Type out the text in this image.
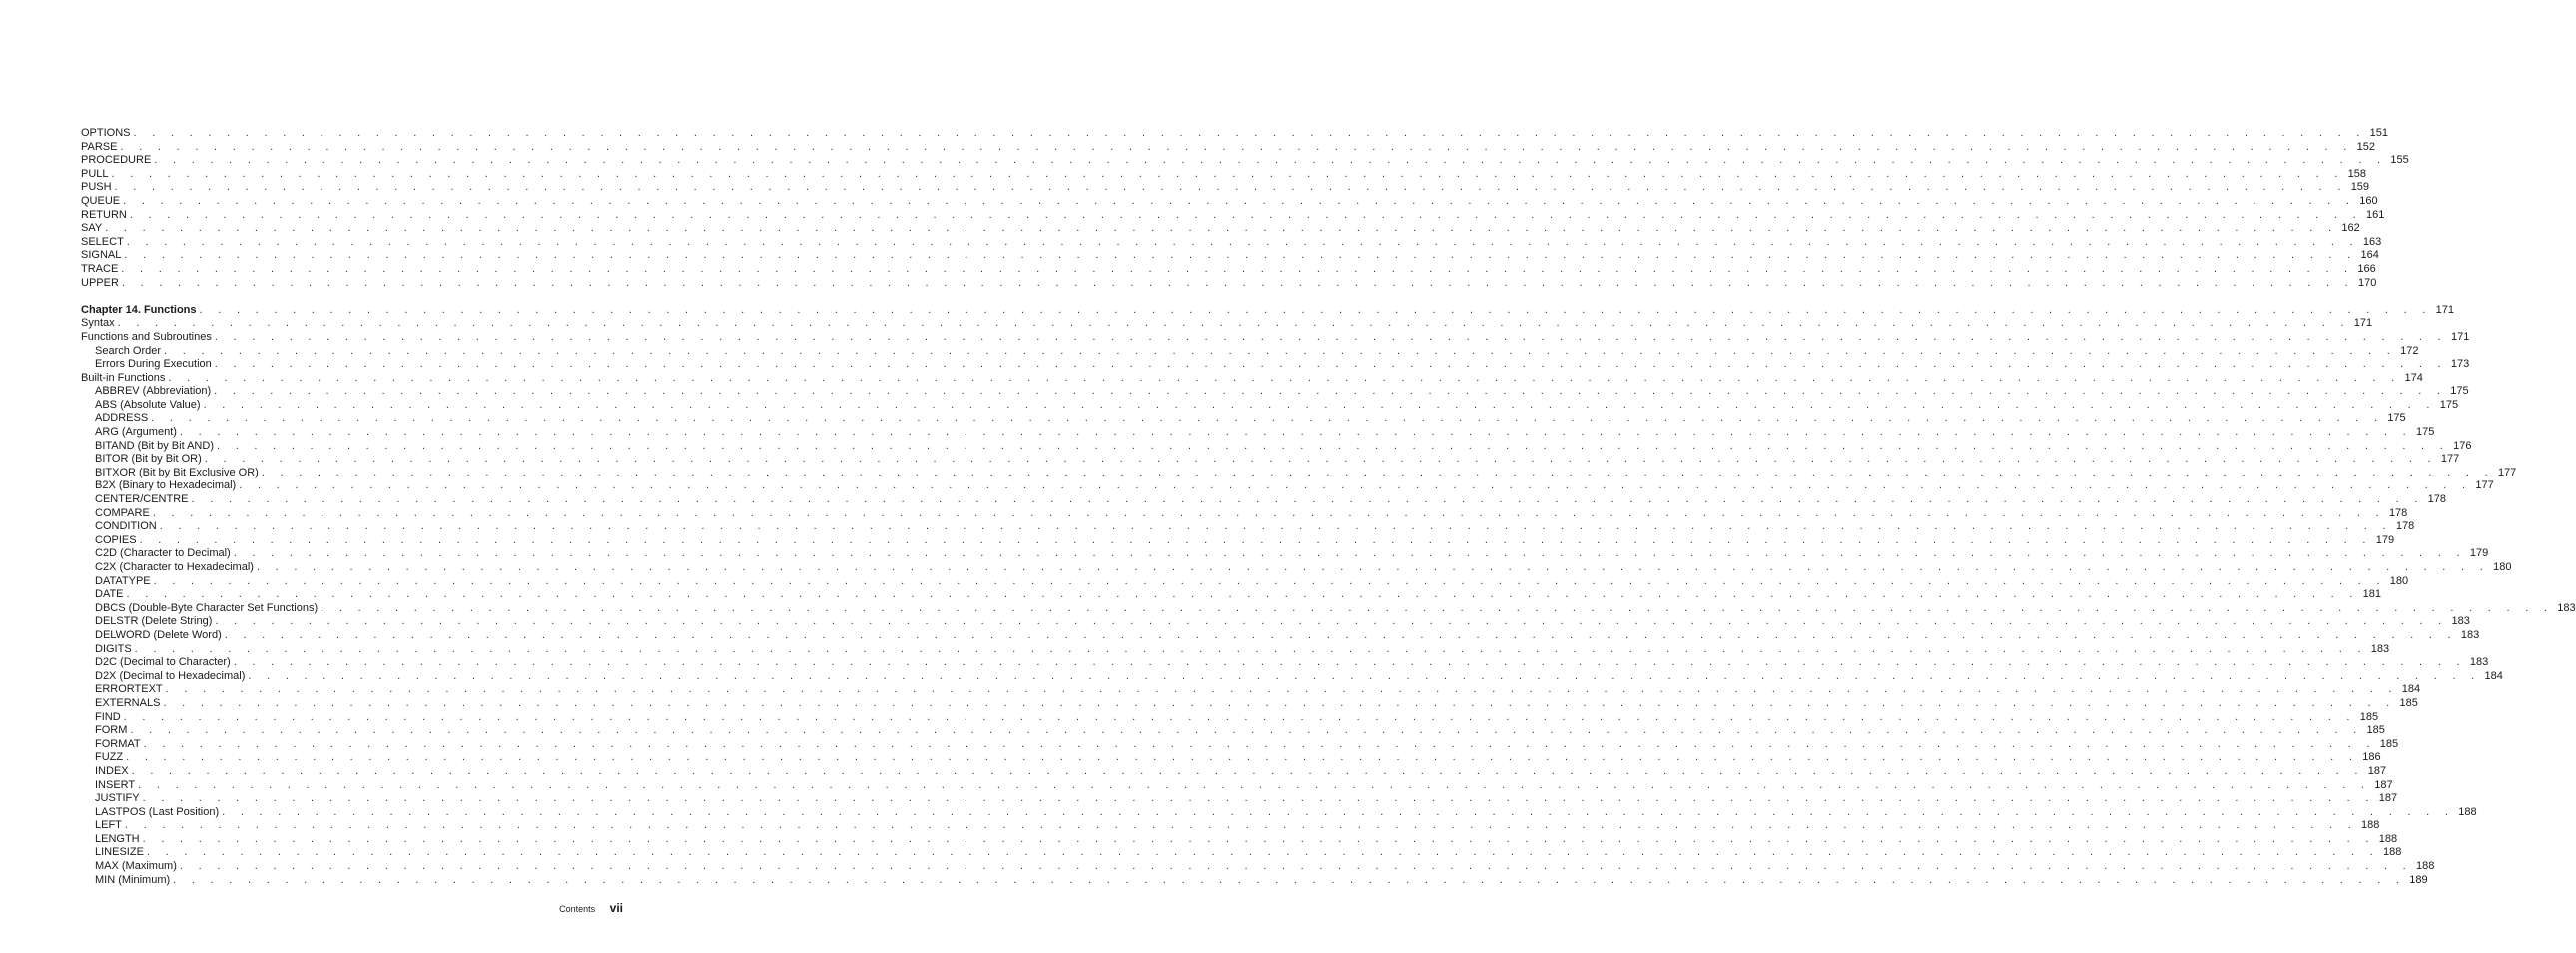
OPTIONS . . . . . . . . . . . . . . . . . . . . . . . . . . . . . . . . . . . . . . . . . . . . . . . . . . . . . . . . . . . . . . . . . . . . . . . . . . . . . . . . . . . . . . . . . . . . . . . . . . . . . . . . . . . . . . . . . . . . . . . . 151
PARSE . . . . . . . . . . . . . . . . . . . . . . . . . . . . . . . . . . . . . . . . . . . . . . . . . . . . . . . . . . . . . . . . . . . . . . . . . . . . . . . . . . . . . . . . . . . . . . . . . . . . . . . . . . . . . . . . . . . . . . . . 152
PROCEDURE . . . . . . . . . . . . . . . . . . . . . . . . . . . . . . . . . . . . . . . . . . . . . . . . . . . . . . . . . . . . . . . . . . . . . . . . . . . . . . . . . . . . . . . . . . . . . . . . . . . . . . . . . . . . . . . . . . . . . . . . 155
PULL . . . . . . . . . . . . . . . . . . . . . . . . . . . . . . . . . . . . . . . . . . . . . . . . . . . . . . . . . . . . . . . . . . . . . . . . . . . . . . . . . . . . . . . . . . . . . . . . . . . . . . . . . . . . . . . . . . . . . . . . 158
PUSH . . . . . . . . . . . . . . . . . . . . . . . . . . . . . . . . . . . . . . . . . . . . . . . . . . . . . . . . . . . . . . . . . . . . . . . . . . . . . . . . . . . . . . . . . . . . . . . . . . . . . . . . . . . . . . . . . . . . . . . . 159
QUEUE . . . . . . . . . . . . . . . . . . . . . . . . . . . . . . . . . . . . . . . . . . . . . . . . . . . . . . . . . . . . . . . . . . . . . . . . . . . . . . . . . . . . . . . . . . . . . . . . . . . . . . . . . . . . . . . . . . . . . . . . 160
RETURN . . . . . . . . . . . . . . . . . . . . . . . . . . . . . . . . . . . . . . . . . . . . . . . . . . . . . . . . . . . . . . . . . . . . . . . . . . . . . . . . . . . . . . . . . . . . . . . . . . . . . . . . . . . . . . . . . . . . . . . . 161
SAY . . . . . . . . . . . . . . . . . . . . . . . . . . . . . . . . . . . . . . . . . . . . . . . . . . . . . . . . . . . . . . . . . . . . . . . . . . . . . . . . . . . . . . . . . . . . . . . . . . . . . . . . . . . . . . . . . . . . . . . . 162
SELECT . . . . . . . . . . . . . . . . . . . . . . . . . . . . . . . . . . . . . . . . . . . . . . . . . . . . . . . . . . . . . . . . . . . . . . . . . . . . . . . . . . . . . . . . . . . . . . . . . . . . . . . . . . . . . . . . . . . . . . . . 163
SIGNAL . . . . . . . . . . . . . . . . . . . . . . . . . . . . . . . . . . . . . . . . . . . . . . . . . . . . . . . . . . . . . . . . . . . . . . . . . . . . . . . . . . . . . . . . . . . . . . . . . . . . . . . . . . . . . . . . . . . . . . . . 164
TRACE . . . . . . . . . . . . . . . . . . . . . . . . . . . . . . . . . . . . . . . . . . . . . . . . . . . . . . . . . . . . . . . . . . . . . . . . . . . . . . . . . . . . . . . . . . . . . . . . . . . . . . . . . . . . . . . . . . . . . . . . 166
UPPER . . . . . . . . . . . . . . . . . . . . . . . . . . . . . . . . . . . . . . . . . . . . . . . . . . . . . . . . . . . . . . . . . . . . . . . . . . . . . . . . . . . . . . . . . . . . . . . . . . . . . . . . . . . . . . . . . . . . . . . . 170
Chapter 14. Functions . . . . . . . . . . . . . . . . . . . . . . . . . . . . . . . . . . . . . . . . . . . . . . . . . . . . . . . . . . . . . . . . . . . . . . . . . . . . . . . . . . . . . . . . . . . . . . . . . . . . . . . . . . . . . . . . . . . . . . . . 171
Syntax . . . . . . . . . . . . . . . . . . . . . . . . . . . . . . . . . . . . . . . . . . . . . . . . . . . . . . . . . . . . . . . . . . . . . . . . . . . . . . . . . . . . . . . . . . . . . . . . . . . . . . . . . . . . . . . . . . . . . . . . 171
Functions and Subroutines . . . . . . . . . . . . . . . . . . . . . . . . . . . . . . . . . . . . . . . . . . . . . . . . . . . . . . . . . . . . . . . . . . . . . . . . . . . . . . . . . . . . . . . . . . . . . . . . . . . . . . . . . . . . . . . . . . . . . . . . 171
Search Order . . . . . . . . . . . . . . . . . . . . . . . . . . . . . . . . . . . . . . . . . . . . . . . . . . . . . . . . . . . . . . . . . . . . . . . . . . . . . . . . . . . . . . . . . . . . . . . . . . . . . . . . . . . . . . . . . . . . . . . . 172
Errors During Execution . . . . . . . . . . . . . . . . . . . . . . . . . . . . . . . . . . . . . . . . . . . . . . . . . . . . . . . . . . . . . . . . . . . . . . . . . . . . . . . . . . . . . . . . . . . . . . . . . . . . . . . . . . . . . . . . . . . . . . . . 173
Built-in Functions . . . . . . . . . . . . . . . . . . . . . . . . . . . . . . . . . . . . . . . . . . . . . . . . . . . . . . . . . . . . . . . . . . . . . . . . . . . . . . . . . . . . . . . . . . . . . . . . . . . . . . . . . . . . . . . . . . . . . . . . 174
ABBREV (Abbreviation) . . . . . . . . . . . . . . . . . . . . . . . . . . . . . . . . . . . . . . . . . . . . . . . . . . . . . . . . . . . . . . . . . . . . . . . . . . . . . . . . . . . . . . . . . . . . . . . . . . . . . . . . . . . . . . . . . . . . . . . . 175
ABS (Absolute Value) . . . . . . . . . . . . . . . . . . . . . . . . . . . . . . . . . . . . . . . . . . . . . . . . . . . . . . . . . . . . . . . . . . . . . . . . . . . . . . . . . . . . . . . . . . . . . . . . . . . . . . . . . . . . . . . . . . . . . . . . 175
ADDRESS . . . . . . . . . . . . . . . . . . . . . . . . . . . . . . . . . . . . . . . . . . . . . . . . . . . . . . . . . . . . . . . . . . . . . . . . . . . . . . . . . . . . . . . . . . . . . . . . . . . . . . . . . . . . . . . . . . . . . . . . 175
ARG (Argument) . . . . . . . . . . . . . . . . . . . . . . . . . . . . . . . . . . . . . . . . . . . . . . . . . . . . . . . . . . . . . . . . . . . . . . . . . . . . . . . . . . . . . . . . . . . . . . . . . . . . . . . . . . . . . . . . . . . . . . . . 175
BITAND (Bit by Bit AND) . . . . . . . . . . . . . . . . . . . . . . . . . . . . . . . . . . . . . . . . . . . . . . . . . . . . . . . . . . . . . . . . . . . . . . . . . . . . . . . . . . . . . . . . . . . . . . . . . . . . . . . . . . . . . . . . . . . . . . . . 176
BITOR (Bit by Bit OR) . . . . . . . . . . . . . . . . . . . . . . . . . . . . . . . . . . . . . . . . . . . . . . . . . . . . . . . . . . . . . . . . . . . . . . . . . . . . . . . . . . . . . . . . . . . . . . . . . . . . . . . . . . . . . . . . . . . . . . . . 177
BITXOR (Bit by Bit Exclusive OR) . . . . . . . . . . . . . . . . . . . . . . . . . . . . . . . . . . . . . . . . . . . . . . . . . . . . . . . . . . . . . . . . . . . . . . . . . . . . . . . . . . . . . . . . . . . . . . . . . . . . . . . . . . . . . . . . . . . . . . . . 177
B2X (Binary to Hexadecimal) . . . . . . . . . . . . . . . . . . . . . . . . . . . . . . . . . . . . . . . . . . . . . . . . . . . . . . . . . . . . . . . . . . . . . . . . . . . . . . . . . . . . . . . . . . . . . . . . . . . . . . . . . . . . . . . . . . . . . . . . 177
CENTER/CENTRE . . . . . . . . . . . . . . . . . . . . . . . . . . . . . . . . . . . . . . . . . . . . . . . . . . . . . . . . . . . . . . . . . . . . . . . . . . . . . . . . . . . . . . . . . . . . . . . . . . . . . . . . . . . . . . . . . . . . . . . . 178
COMPARE . . . . . . . . . . . . . . . . . . . . . . . . . . . . . . . . . . . . . . . . . . . . . . . . . . . . . . . . . . . . . . . . . . . . . . . . . . . . . . . . . . . . . . . . . . . . . . . . . . . . . . . . . . . . . . . . . . . . . . . . 178
CONDITION . . . . . . . . . . . . . . . . . . . . . . . . . . . . . . . . . . . . . . . . . . . . . . . . . . . . . . . . . . . . . . . . . . . . . . . . . . . . . . . . . . . . . . . . . . . . . . . . . . . . . . . . . . . . . . . . . . . . . . . . 178
COPIES . . . . . . . . . . . . . . . . . . . . . . . . . . . . . . . . . . . . . . . . . . . . . . . . . . . . . . . . . . . . . . . . . . . . . . . . . . . . . . . . . . . . . . . . . . . . . . . . . . . . . . . . . . . . . . . . . . . . . . . . 179
C2D (Character to Decimal) . . . . . . . . . . . . . . . . . . . . . . . . . . . . . . . . . . . . . . . . . . . . . . . . . . . . . . . . . . . . . . . . . . . . . . . . . . . . . . . . . . . . . . . . . . . . . . . . . . . . . . . . . . . . . . . . . . . . . . . . 179
C2X (Character to Hexadecimal) . . . . . . . . . . . . . . . . . . . . . . . . . . . . . . . . . . . . . . . . . . . . . . . . . . . . . . . . . . . . . . . . . . . . . . . . . . . . . . . . . . . . . . . . . . . . . . . . . . . . . . . . . . . . . . . . . . . . . . . . 180
DATATYPE . . . . . . . . . . . . . . . . . . . . . . . . . . . . . . . . . . . . . . . . . . . . . . . . . . . . . . . . . . . . . . . . . . . . . . . . . . . . . . . . . . . . . . . . . . . . . . . . . . . . . . . . . . . . . . . . . . . . . . . . 180
DATE . . . . . . . . . . . . . . . . . . . . . . . . . . . . . . . . . . . . . . . . . . . . . . . . . . . . . . . . . . . . . . . . . . . . . . . . . . . . . . . . . . . . . . . . . . . . . . . . . . . . . . . . . . . . . . . . . . . . . . . . 181
DBCS (Double-Byte Character Set Functions) . . . . . . . . . . . . . . . . . . . . . . . . . . . . . . . . . . . . . . . . . . . . . . . . . . . . . . . . . . . . . . . . . . . . . . . . . . . . . . . . . . . . . . . . . . . . . . . . . . . . . . . . . . . . . . . . . . . . . . . . 183
DELSTR (Delete String) . . . . . . . . . . . . . . . . . . . . . . . . . . . . . . . . . . . . . . . . . . . . . . . . . . . . . . . . . . . . . . . . . . . . . . . . . . . . . . . . . . . . . . . . . . . . . . . . . . . . . . . . . . . . . . . . . . . . . . . . 183
DELWORD (Delete Word) . . . . . . . . . . . . . . . . . . . . . . . . . . . . . . . . . . . . . . . . . . . . . . . . . . . . . . . . . . . . . . . . . . . . . . . . . . . . . . . . . . . . . . . . . . . . . . . . . . . . . . . . . . . . . . . . . . . . . . . . 183
DIGITS . . . . . . . . . . . . . . . . . . . . . . . . . . . . . . . . . . . . . . . . . . . . . . . . . . . . . . . . . . . . . . . . . . . . . . . . . . . . . . . . . . . . . . . . . . . . . . . . . . . . . . . . . . . . . . . . . . . . . . . . 183
D2C (Decimal to Character) . . . . . . . . . . . . . . . . . . . . . . . . . . . . . . . . . . . . . . . . . . . . . . . . . . . . . . . . . . . . . . . . . . . . . . . . . . . . . . . . . . . . . . . . . . . . . . . . . . . . . . . . . . . . . . . . . . . . . . . . 183
D2X (Decimal to Hexadecimal) . . . . . . . . . . . . . . . . . . . . . . . . . . . . . . . . . . . . . . . . . . . . . . . . . . . . . . . . . . . . . . . . . . . . . . . . . . . . . . . . . . . . . . . . . . . . . . . . . . . . . . . . . . . . . . . . . . . . . . . . 184
ERRORTEXT . . . . . . . . . . . . . . . . . . . . . . . . . . . . . . . . . . . . . . . . . . . . . . . . . . . . . . . . . . . . . . . . . . . . . . . . . . . . . . . . . . . . . . . . . . . . . . . . . . . . . . . . . . . . . . . . . . . . . . . . 184
EXTERNALS . . . . . . . . . . . . . . . . . . . . . . . . . . . . . . . . . . . . . . . . . . . . . . . . . . . . . . . . . . . . . . . . . . . . . . . . . . . . . . . . . . . . . . . . . . . . . . . . . . . . . . . . . . . . . . . . . . . . . . . . 185
FIND . . . . . . . . . . . . . . . . . . . . . . . . . . . . . . . . . . . . . . . . . . . . . . . . . . . . . . . . . . . . . . . . . . . . . . . . . . . . . . . . . . . . . . . . . . . . . . . . . . . . . . . . . . . . . . . . . . . . . . . . 185
FORM . . . . . . . . . . . . . . . . . . . . . . . . . . . . . . . . . . . . . . . . . . . . . . . . . . . . . . . . . . . . . . . . . . . . . . . . . . . . . . . . . . . . . . . . . . . . . . . . . . . . . . . . . . . . . . . . . . . . . . . . 185
FORMAT . . . . . . . . . . . . . . . . . . . . . . . . . . . . . . . . . . . . . . . . . . . . . . . . . . . . . . . . . . . . . . . . . . . . . . . . . . . . . . . . . . . . . . . . . . . . . . . . . . . . . . . . . . . . . . . . . . . . . . . . 185
FUZZ . . . . . . . . . . . . . . . . . . . . . . . . . . . . . . . . . . . . . . . . . . . . . . . . . . . . . . . . . . . . . . . . . . . . . . . . . . . . . . . . . . . . . . . . . . . . . . . . . . . . . . . . . . . . . . . . . . . . . . . . 186
INDEX . . . . . . . . . . . . . . . . . . . . . . . . . . . . . . . . . . . . . . . . . . . . . . . . . . . . . . . . . . . . . . . . . . . . . . . . . . . . . . . . . . . . . . . . . . . . . . . . . . . . . . . . . . . . . . . . . . . . . . . . 187
INSERT . . . . . . . . . . . . . . . . . . . . . . . . . . . . . . . . . . . . . . . . . . . . . . . . . . . . . . . . . . . . . . . . . . . . . . . . . . . . . . . . . . . . . . . . . . . . . . . . . . . . . . . . . . . . . . . . . . . . . . . . 187
JUSTIFY . . . . . . . . . . . . . . . . . . . . . . . . . . . . . . . . . . . . . . . . . . . . . . . . . . . . . . . . . . . . . . . . . . . . . . . . . . . . . . . . . . . . . . . . . . . . . . . . . . . . . . . . . . . . . . . . . . . . . . . . 187
LASTPOS (Last Position) . . . . . . . . . . . . . . . . . . . . . . . . . . . . . . . . . . . . . . . . . . . . . . . . . . . . . . . . . . . . . . . . . . . . . . . . . . . . . . . . . . . . . . . . . . . . . . . . . . . . . . . . . . . . . . . . . . . . . . . . 188
LEFT . . . . . . . . . . . . . . . . . . . . . . . . . . . . . . . . . . . . . . . . . . . . . . . . . . . . . . . . . . . . . . . . . . . . . . . . . . . . . . . . . . . . . . . . . . . . . . . . . . . . . . . . . . . . . . . . . . . . . . . . 188
LENGTH . . . . . . . . . . . . . . . . . . . . . . . . . . . . . . . . . . . . . . . . . . . . . . . . . . . . . . . . . . . . . . . . . . . . . . . . . . . . . . . . . . . . . . . . . . . . . . . . . . . . . . . . . . . . . . . . . . . . . . . . 188
LINESIZE . . . . . . . . . . . . . . . . . . . . . . . . . . . . . . . . . . . . . . . . . . . . . . . . . . . . . . . . . . . . . . . . . . . . . . . . . . . . . . . . . . . . . . . . . . . . . . . . . . . . . . . . . . . . . . . . . . . . . . . . 188
MAX (Maximum) . . . . . . . . . . . . . . . . . . . . . . . . . . . . . . . . . . . . . . . . . . . . . . . . . . . . . . . . . . . . . . . . . . . . . . . . . . . . . . . . . . . . . . . . . . . . . . . . . . . . . . . . . . . . . . . . . . . . . . . . 188
MIN (Minimum) . . . . . . . . . . . . . . . . . . . . . . . . . . . . . . . . . . . . . . . . . . . . . . . . . . . . . . . . . . . . . . . . . . . . . . . . . . . . . . . . . . . . . . . . . . . . . . . . . . . . . . . . . . . . . . . . . . . . . . . . 189
Contents vii
